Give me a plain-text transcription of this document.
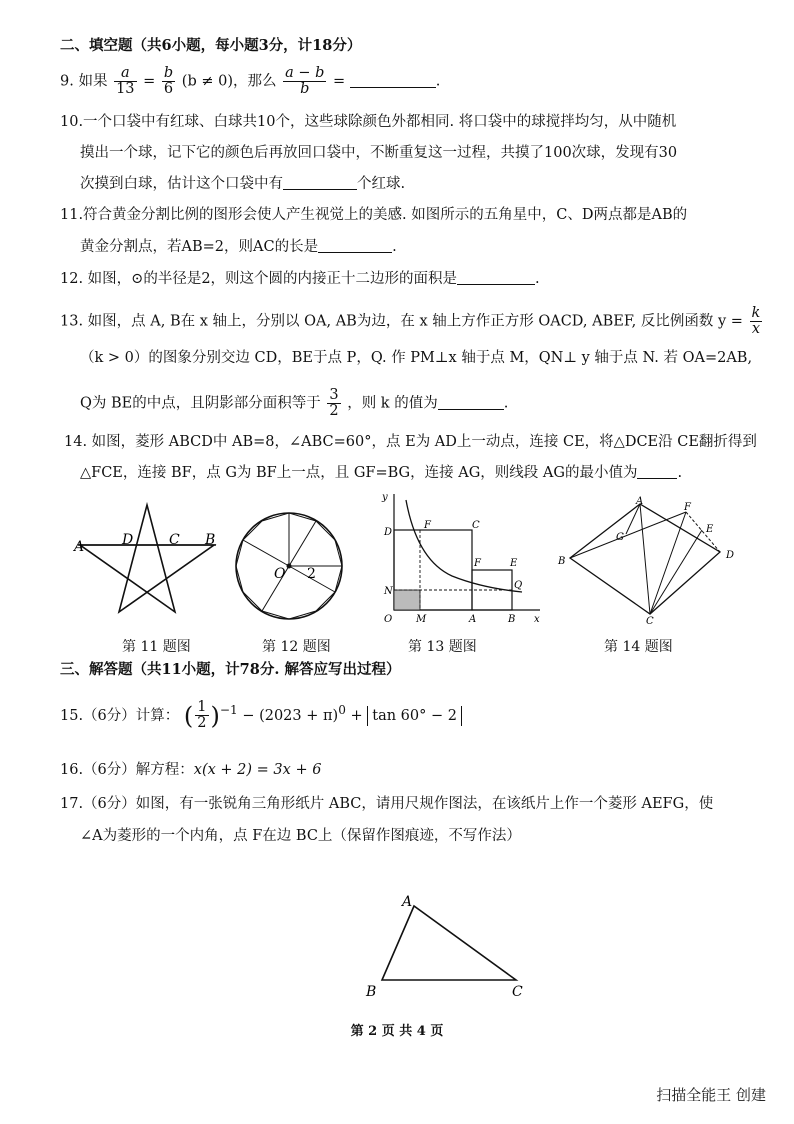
二、填空题（共6小题，每小题3分，计18分）
9. 如果 $\frac{a}{13} = \frac{b}{6} (b \ne 0)$，那么 $\frac{a - b}{b}$ =	.
10.一个口袋中有红球、白球共10个，这些球除颜色外都相同. 将口袋中的球搅拌均匀，从中随机
摸出一个球，记下它的颜色后再放回口袋中，不断重复这一过程，共摸了100次球，发现有30
次摸到白球，估计这个口袋中有	个红球.
11.符合黄金分割比例的图形会使人产生视觉上的美感. 如图所示的五角星中，C、D两点都是AB的
黄金分割点，若AB=2，则AC的长是	.
12. 如图，⊙的半径是2，则这个圆的内接正十二边形的面积是	.
13. 如图，点 A, B在 x 轴上，分别以 OA, AB为边，在 x 轴上方作正方形 OACD, ABEF, 反比例函数 $y = \frac{k}{x}$
（k > 0）的图象分别交边 CD，BE于点 P，Q. 作 PM⊥x 轴于点 M，QN⊥ y 轴于点 N. 若 OA=2AB,
Q为 BE的中点，且阴影部分面积等于 $\frac{3}{2}$ ，则 k 的值为	.
14. 如图，菱形 ABCD中 AB=8，∠ABC=60°，点 E为 AD上一动点，连接 CE，将△DCE沿 CE翻折得到
△FCE，连接 BF，点 G为 BF上一点，且 GF=BG，连接 AG，则线段 AG的最小值为	.
A	D	C B
O 2
y
x
D
F	C
F	E
Q
N
O M	A	B
A
B
C
D
F
E
G
第 11 题图	第 12 题图	第 13 题图	第 14 题图
三、解答题（共11小题，计78分. 解答应写出过程）
15.（6分）计算： ( $\frac{1}{2} )^{-1} - (2023 + \pi)^0 + \tan 60^\circ - 2$
16.（6分）解方程：x(x + 2) = 3x + 6
17.（6分）如图，有一张锐角三角形纸片 ABC，请用尺规作图法，在该纸片上作一个菱形 AEFG，使
∠A为菱形的一个内角，点 F在边 BC上（保留作图痕迹，不写作法）
A
B	C
第 2 页 共 4 页
扫描全能王 创建
